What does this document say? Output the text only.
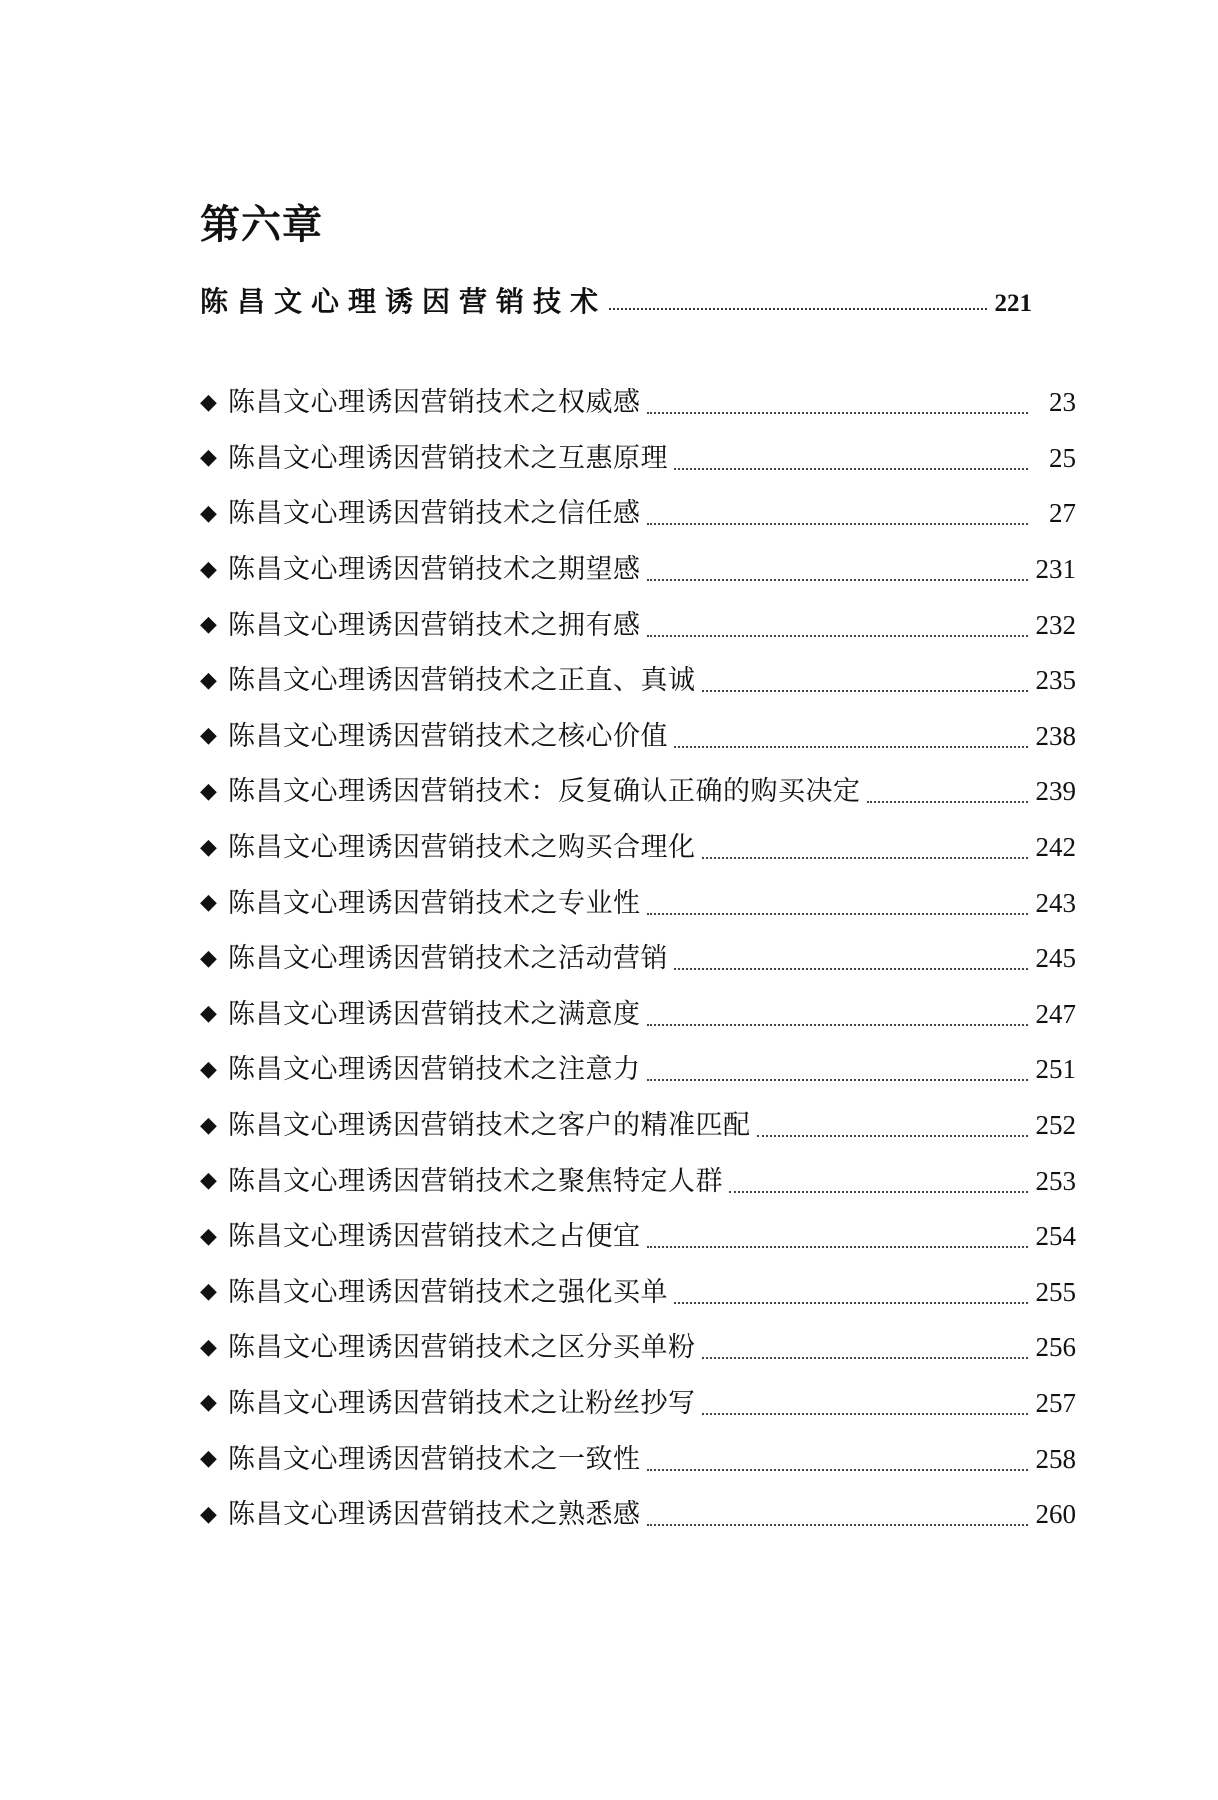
第六章
陈昌文心理诱因营销技术	221
◆ 陈昌文心理诱因营销技术之权威感	23
◆ 陈昌文心理诱因营销技术之互惠原理	25
◆ 陈昌文心理诱因营销技术之信任感	27
◆ 陈昌文心理诱因营销技术之期望感	231
◆ 陈昌文心理诱因营销技术之拥有感	232
◆ 陈昌文心理诱因营销技术之正直、真诚	235
◆ 陈昌文心理诱因营销技术之核心价值	238
◆ 陈昌文心理诱因营销技术：反复确认正确的购买决定	239
◆ 陈昌文心理诱因营销技术之购买合理化	242
◆ 陈昌文心理诱因营销技术之专业性	243
◆ 陈昌文心理诱因营销技术之活动营销	245
◆ 陈昌文心理诱因营销技术之满意度	247
◆ 陈昌文心理诱因营销技术之注意力	251
◆ 陈昌文心理诱因营销技术之客户的精准匹配	252
◆ 陈昌文心理诱因营销技术之聚焦特定人群	253
◆ 陈昌文心理诱因营销技术之占便宜	254
◆ 陈昌文心理诱因营销技术之强化买单	255
◆ 陈昌文心理诱因营销技术之区分买单粉	256
◆ 陈昌文心理诱因营销技术之让粉丝抄写	257
◆ 陈昌文心理诱因营销技术之一致性	258
◆ 陈昌文心理诱因营销技术之熟悉感	260
